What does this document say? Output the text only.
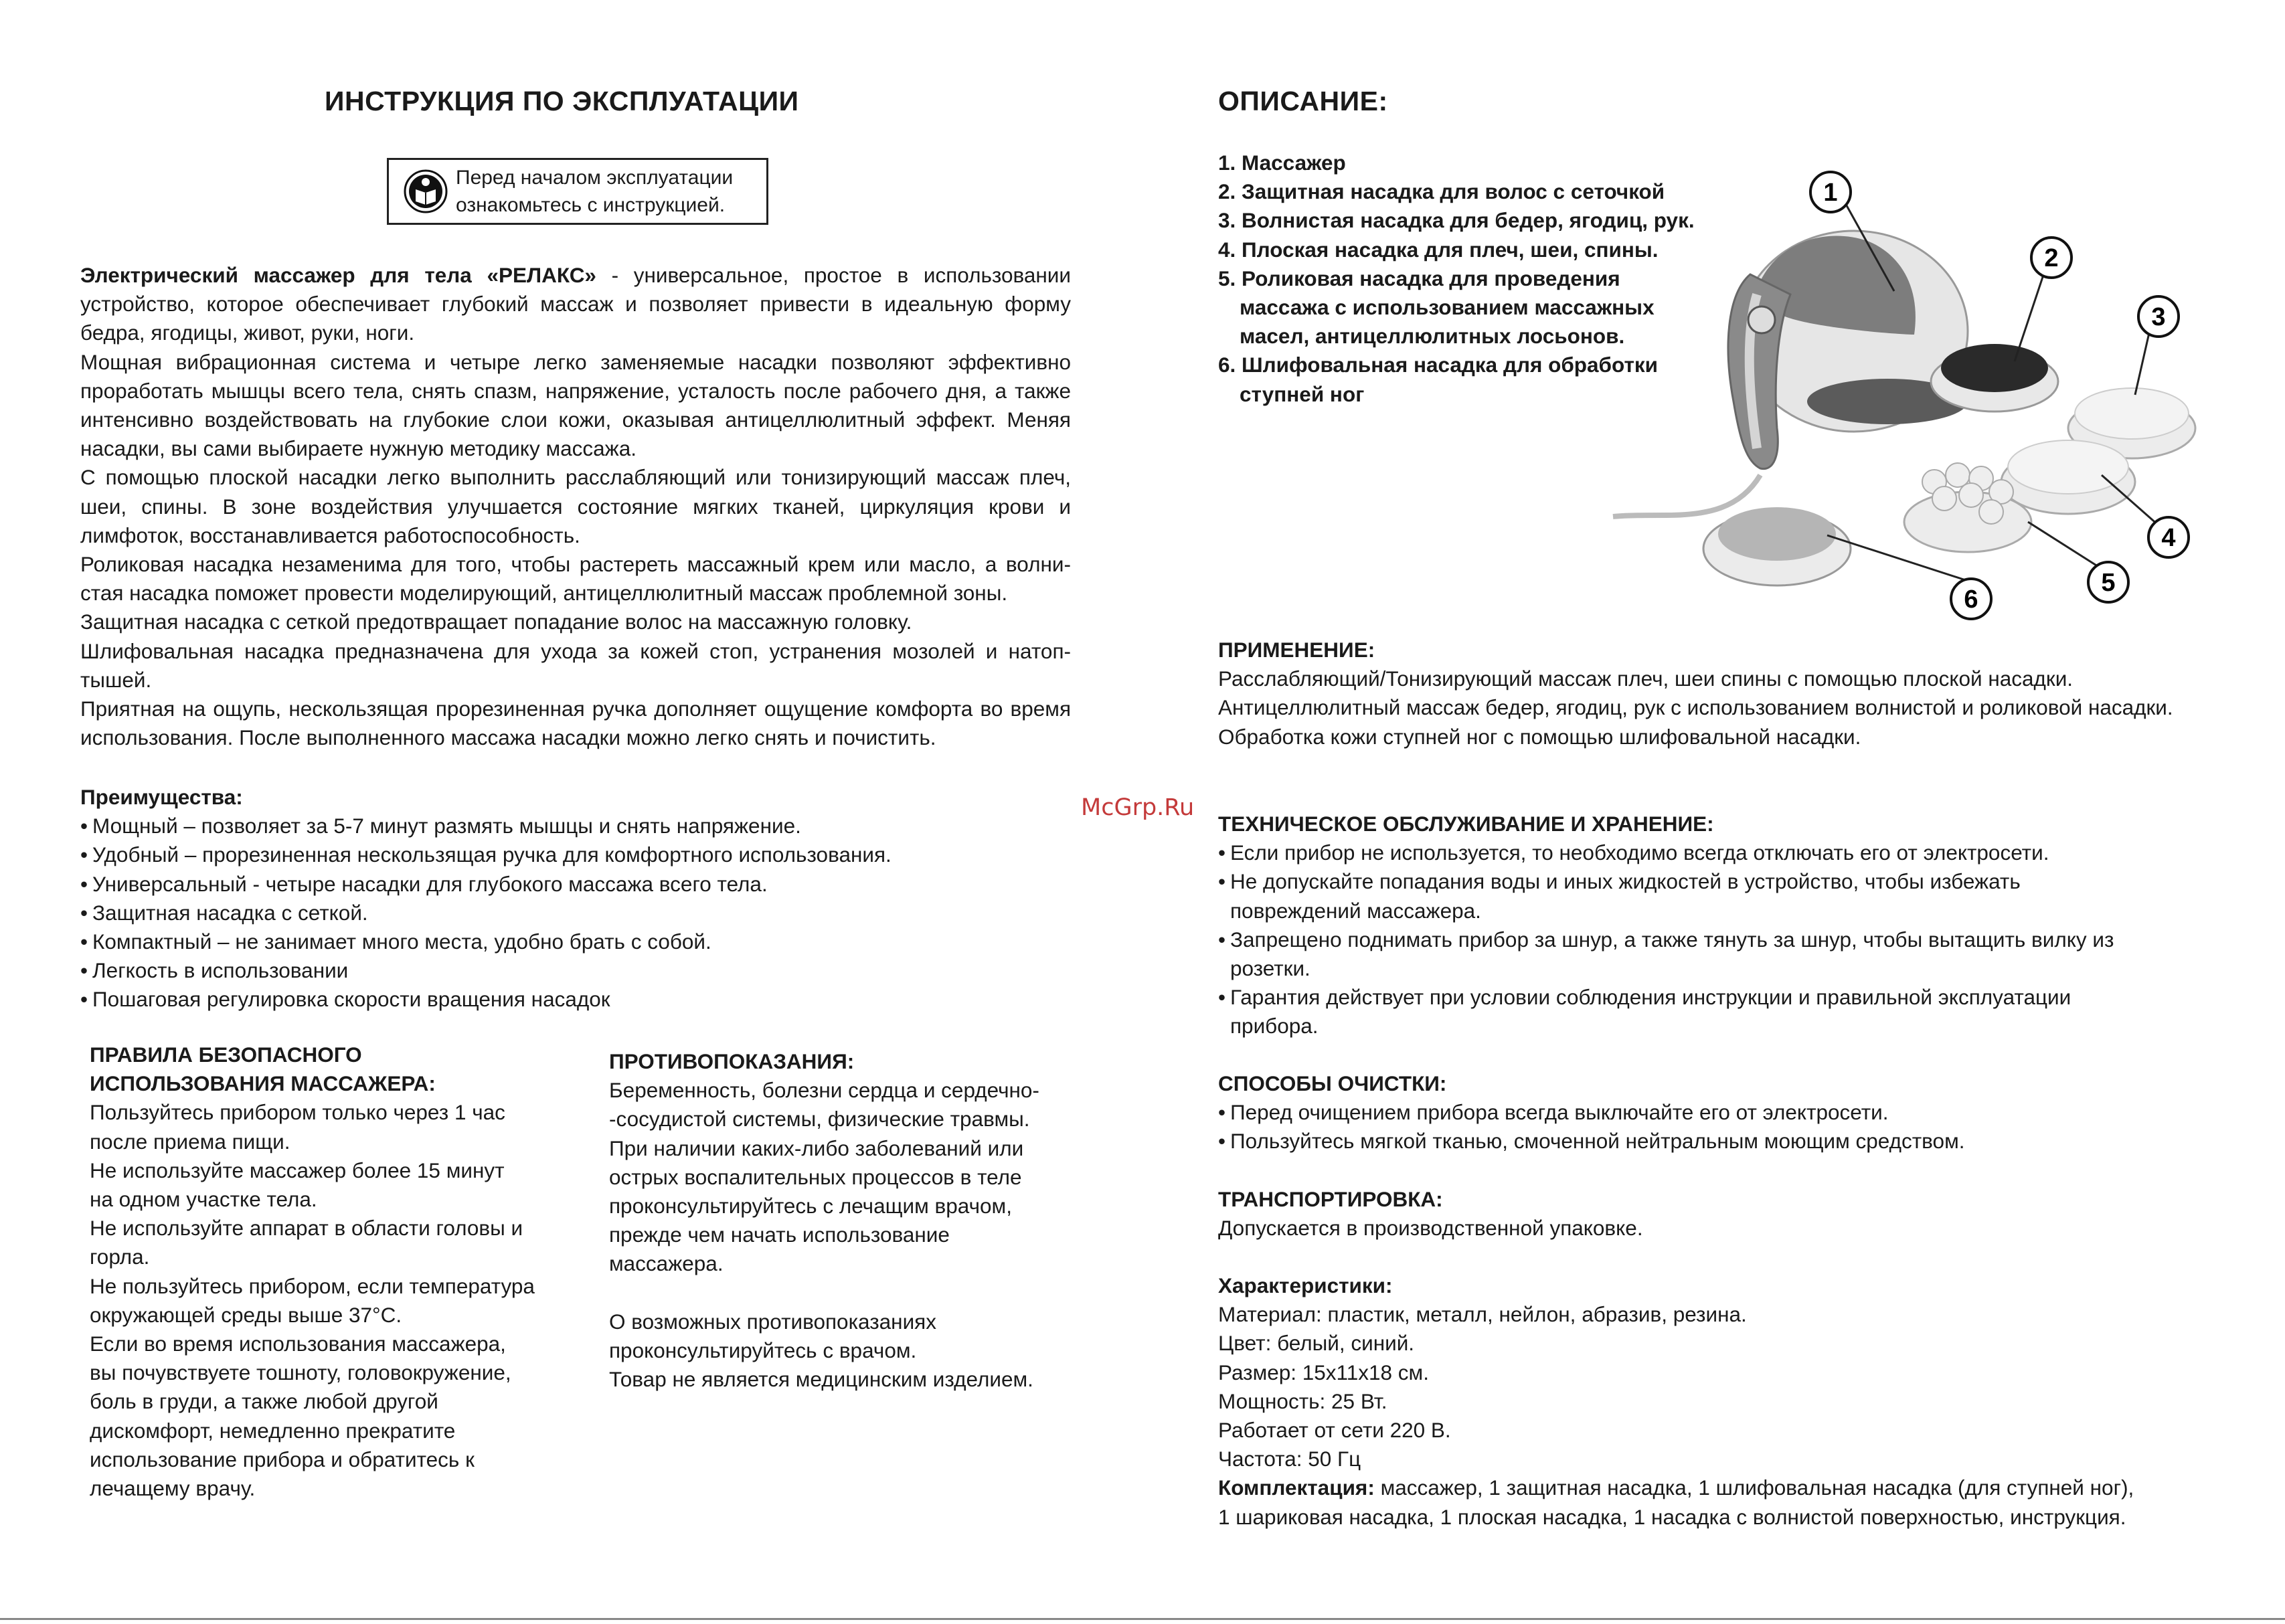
ИНСТРУКЦИЯ ПО ЭКСПЛУАТАЦИИ
Перед началом эксплуатации
ознакомьтесь с инструкцией.

Электрический массажер для тела «РЕЛАКС» - универсальное, простое в использовании устройство, которое обеспечивает глубокий массаж и позволяет привести в идеальную форму бедра, ягодицы, живот, руки, ноги.

Мощная вибрационная система и четыре легко заменяемые насадки позволяют эффективно проработать мышцы всего тела, снять спазм, напряжение, усталость после рабочего дня, а также интенсивно воздействовать на глубокие слои кожи, оказывая антицеллюлитный эффект. Меняя насадки, вы сами выбираете нужную методику массажа.

С помощью плоской насадки легко выполнить расслабляющий или тонизирующий массаж плеч, шеи, спины. В зоне воздействия улучшается состояние мягких тканей, циркуляция крови и лимфоток, восстанавливается работоспособность.

Роликовая насадка незаменима для того, чтобы растереть массажный крем или масло, а волни-стая насадка поможет провести моделирующий, антицеллюлитный массаж проблемной зоны.

Защитная насадка с сеткой предотвращает попадание волос на массажную головку.

Шлифовальная насадка предназначена для ухода за кожей стоп, устранения мозолей и натоп-тышей.

Приятная на ощупь, нескользящая прорезиненная ручка дополняет ощущение комфорта во время использования. После выполненного массажа насадки можно легко снять и почистить.

Преимущества:

• Мощный – позволяет за 5-7 минут размять мышцы и снять напряжение.
• Удобный – прорезиненная нескользящая ручка для комфортного использования.
• Универсальный - четыре насадки для глубокого массажа всего тела.
• Защитная насадка с сеткой.
• Компактный – не занимает много места, удобно брать с собой.
• Легкость в использовании
• Пошаговая регулировка скорости вращения насадок
ПРАВИЛА БЕЗОПАСНОГО
ИСПОЛЬЗОВАНИЯ МАССАЖЕРА:
Пользуйтесь прибором только через 1 час
после приема пищи.
Не используйте массажер более 15 минут
на одном участке тела.
Не используйте аппарат в области головы и
горла.
Не пользуйтесь прибором, если температура
окружающей среды выше 37°С.
Если во время использования массажера,
вы почувствуете тошноту, головокружение,
боль в груди, а также любой другой
дискомфорт, немедленно прекратите
использование прибора и обратитесь к
лечащему врачу.

ПРОТИВОПОКАЗАНИЯ:

Беременность, болезни сердца и сердечно-
-сосудистой системы, физические травмы.
При наличии каких-либо заболеваний или
острых воспалительных процессов в теле
проконсультируйтесь с лечащим врачом,
прежде чем начать использование
массажера.
О возможных противопоказаниях
проконсультируйтесь с врачом.
Товар не является медицинским изделием.
McGrp.Ru
ОПИСАНИЕ:
1. Массажер
2. Защитная насадка для волос с сеточкой
3. Волнистая насадка для бедер, ягодиц, рук.
4. Плоская насадка для плеч, шеи, спины.
5. Роликовая насадка для проведения
массажа с использованием массажных
масел, антицеллюлитных лосьонов.
6. Шлифовальная насадка для обработки
ступней ног
1
2
3
4
5
6

ПРИМЕНЕНИЕ:

Расслабляющий/Тонизирующий массаж плеч, шеи спины с помощью плоской насадки.

Антицеллюлитный массаж бедер, ягодиц, рук с использованием волнистой и роликовой насадки.

Обработка кожи ступней ног с помощью шлифовальной насадки.

ТЕХНИЧЕСКОЕ ОБСЛУЖИВАНИЕ И ХРАНЕНИЕ:

• Если прибор не используется, то необходимо всегда отключать его от электросети.
• Не допускайте попадания воды и иных жидкостей в устройство, чтобы избежать
повреждений массажера.
• Запрещено поднимать прибор за шнур, а также тянуть за шнур, чтобы вытащить вилку из
розетки.
• Гарантия действует при условии соблюдения инструкции и правильной эксплуатации
прибора.

СПОСОБЫ ОЧИСТКИ:

• Перед очищением прибора всегда выключайте его от электросети.
• Пользуйтесь мягкой тканью, смоченной нейтральным моющим средством.

ТРАНСПОРТИРОВКА:

Допускается в производственной упаковке.

Характеристики:

Материал: пластик, металл, нейлон, абразив, резина.
Цвет: белый, синий.
Размер: 15х11х18 см.
Мощность: 25 Вт.
Работает от сети 220 В.
Частота: 50 Гц
Комплектация: массажер, 1 защитная насадка, 1 шлифовальная насадка (для ступней ног),
1 шариковая насадка, 1 плоская насадка, 1 насадка с волнистой поверхностью, инструкция.
